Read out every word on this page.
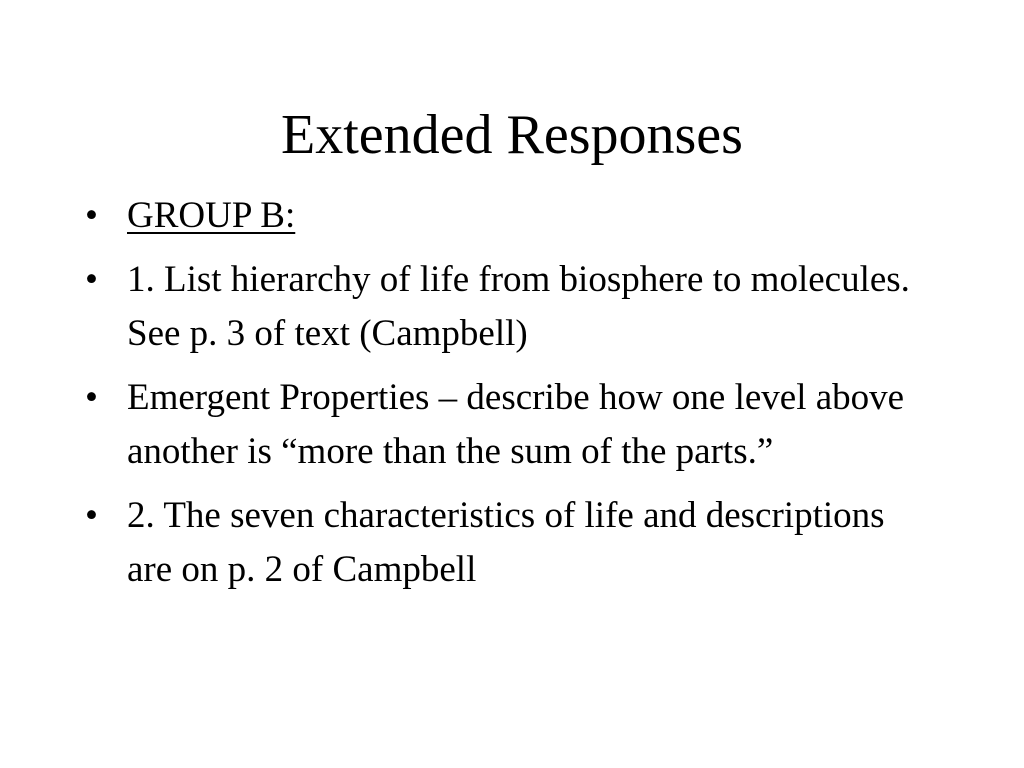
Extended Responses
• GROUP B:
• 1. List hierarchy of life from biosphere to molecules. See p. 3 of text (Campbell)
• Emergent Properties – describe how one level above another is “more than the sum of the parts.”
• 2. The seven characteristics of life and descriptions are on p. 2 of Campbell
